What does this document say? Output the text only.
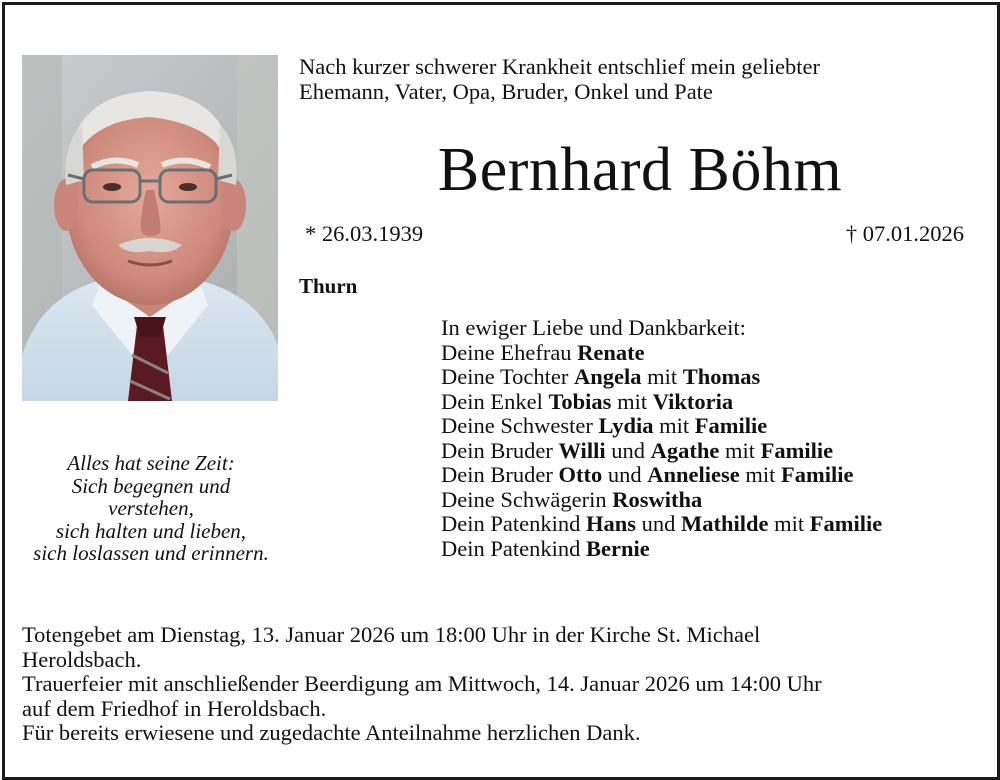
Nach kurzer schwerer Krankheit entschlief mein geliebter
Ehemann, Vater, Opa, Bruder, Onkel und Pate
Bernhard Böhm
* 26.03.1939	† 07.01.2026
Thurn
In ewiger Liebe und Dankbarkeit:
Deine Ehefrau Renate
Deine Tochter Angela mit Thomas
Dein Enkel Tobias mit Viktoria
Deine Schwester Lydia mit Familie
Dein Bruder Willi und Agathe mit Familie
Dein Bruder Otto und Anneliese mit Familie
Deine Schwägerin Roswitha
Dein Patenkind Hans und Mathilde mit Familie
Dein Patenkind Bernie
Alles hat seine Zeit:
Sich begegnen und
verstehen,
sich halten und lieben,
sich loslassen und erinnern.
Totengebet am Dienstag, 13. Januar 2026 um 18:00 Uhr in der Kirche St. Michael
Heroldsbach.
Trauerfeier mit anschließender Beerdigung am Mittwoch, 14. Januar 2026 um 14:00 Uhr
auf dem Friedhof in Heroldsbach.
Für bereits erwiesene und zugedachte Anteilnahme herzlichen Dank.
